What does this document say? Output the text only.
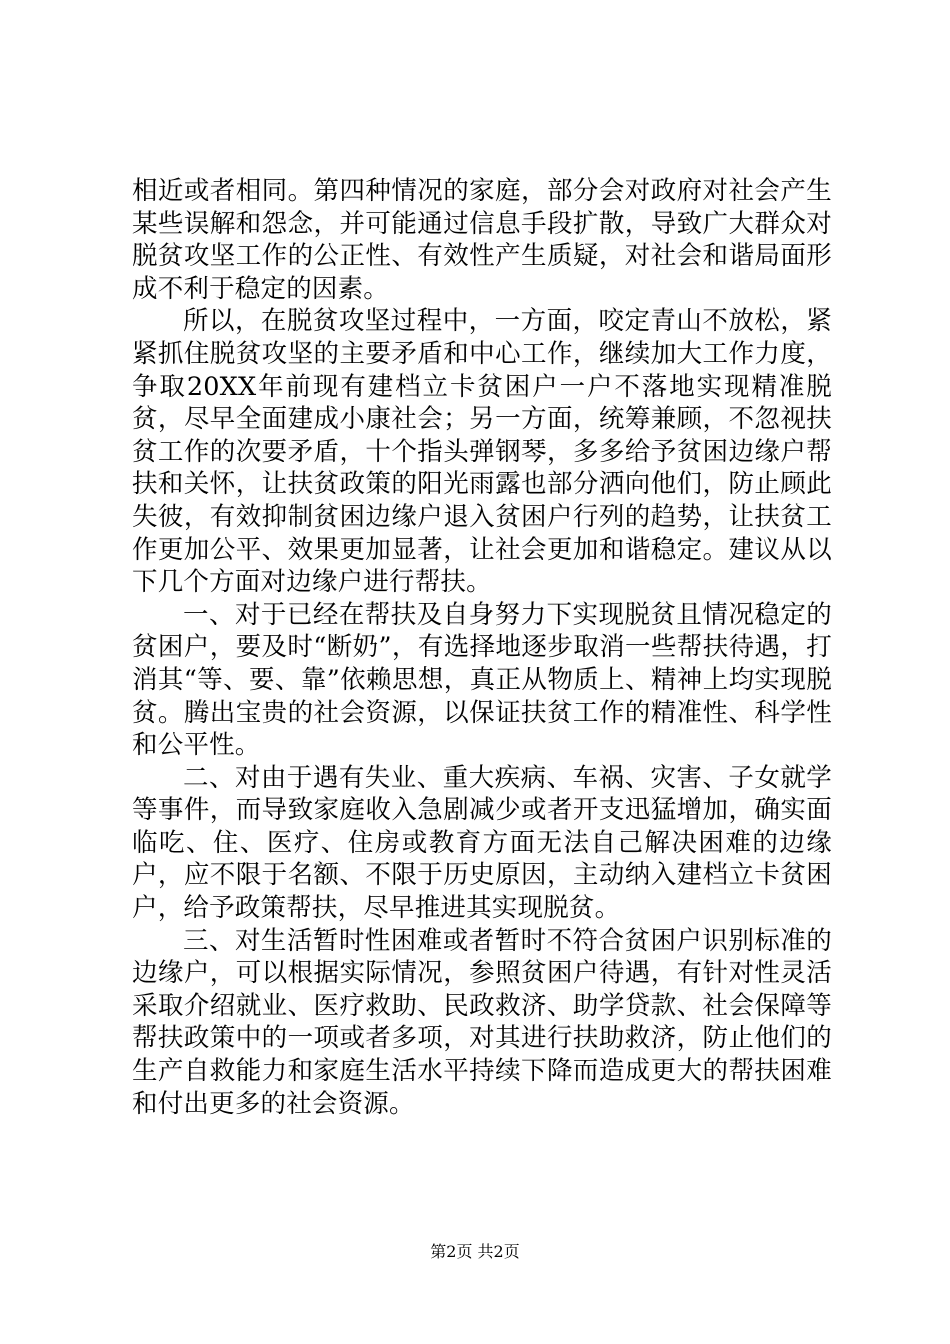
相近或者相同。第四种情况的家庭，部分会对政府对社会产生某些误解和怨念，并可能通过信息手段扩散，导致广大群众对脱贫攻坚工作的公正性、有效性产生质疑，对社会和谐局面形成不利于稳定的因素。

所以，在脱贫攻坚过程中，一方面，咬定青山不放松，紧紧抓住脱贫攻坚的主要矛盾和中心工作，继续加大工作力度，争取20XX年前现有建档立卡贫困户一户不落地实现精准脱贫，尽早全面建成小康社会；另一方面，统筹兼顾，不忽视扶贫工作的次要矛盾，十个指头弹钢琴，多多给予贫困边缘户帮扶和关怀，让扶贫政策的阳光雨露也部分洒向他们，防止顾此失彼，有效抑制贫困边缘户退入贫困户行列的趋势，让扶贫工作更加公平、效果更加显著，让社会更加和谐稳定。建议从以下几个方面对边缘户进行帮扶。

一、对于已经在帮扶及自身努力下实现脱贫且情况稳定的贫困户，要及时“断奶”，有选择地逐步取消一些帮扶待遇，打消其“等、要、靠”依赖思想，真正从物质上、精神上均实现脱贫。腾出宝贵的社会资源，以保证扶贫工作的精准性、科学性和公平性。

二、对由于遇有失业、重大疾病、车祸、灾害、子女就学等事件，而导致家庭收入急剧减少或者开支迅猛增加，确实面临吃、住、医疗、住房或教育方面无法自己解决困难的边缘户，应不限于名额、不限于历史原因，主动纳入建档立卡贫困户，给予政策帮扶，尽早推进其实现脱贫。

三、对生活暂时性困难或者暂时不符合贫困户识别标准的边缘户，可以根据实际情况，参照贫困户待遇，有针对性灵活采取介绍就业、医疗救助、民政救济、助学贷款、社会保障等帮扶政策中的一项或者多项，对其进行扶助救济，防止他们的生产自救能力和家庭生活水平持续下降而造成更大的帮扶困难和付出更多的社会资源。

第2页 共2页
